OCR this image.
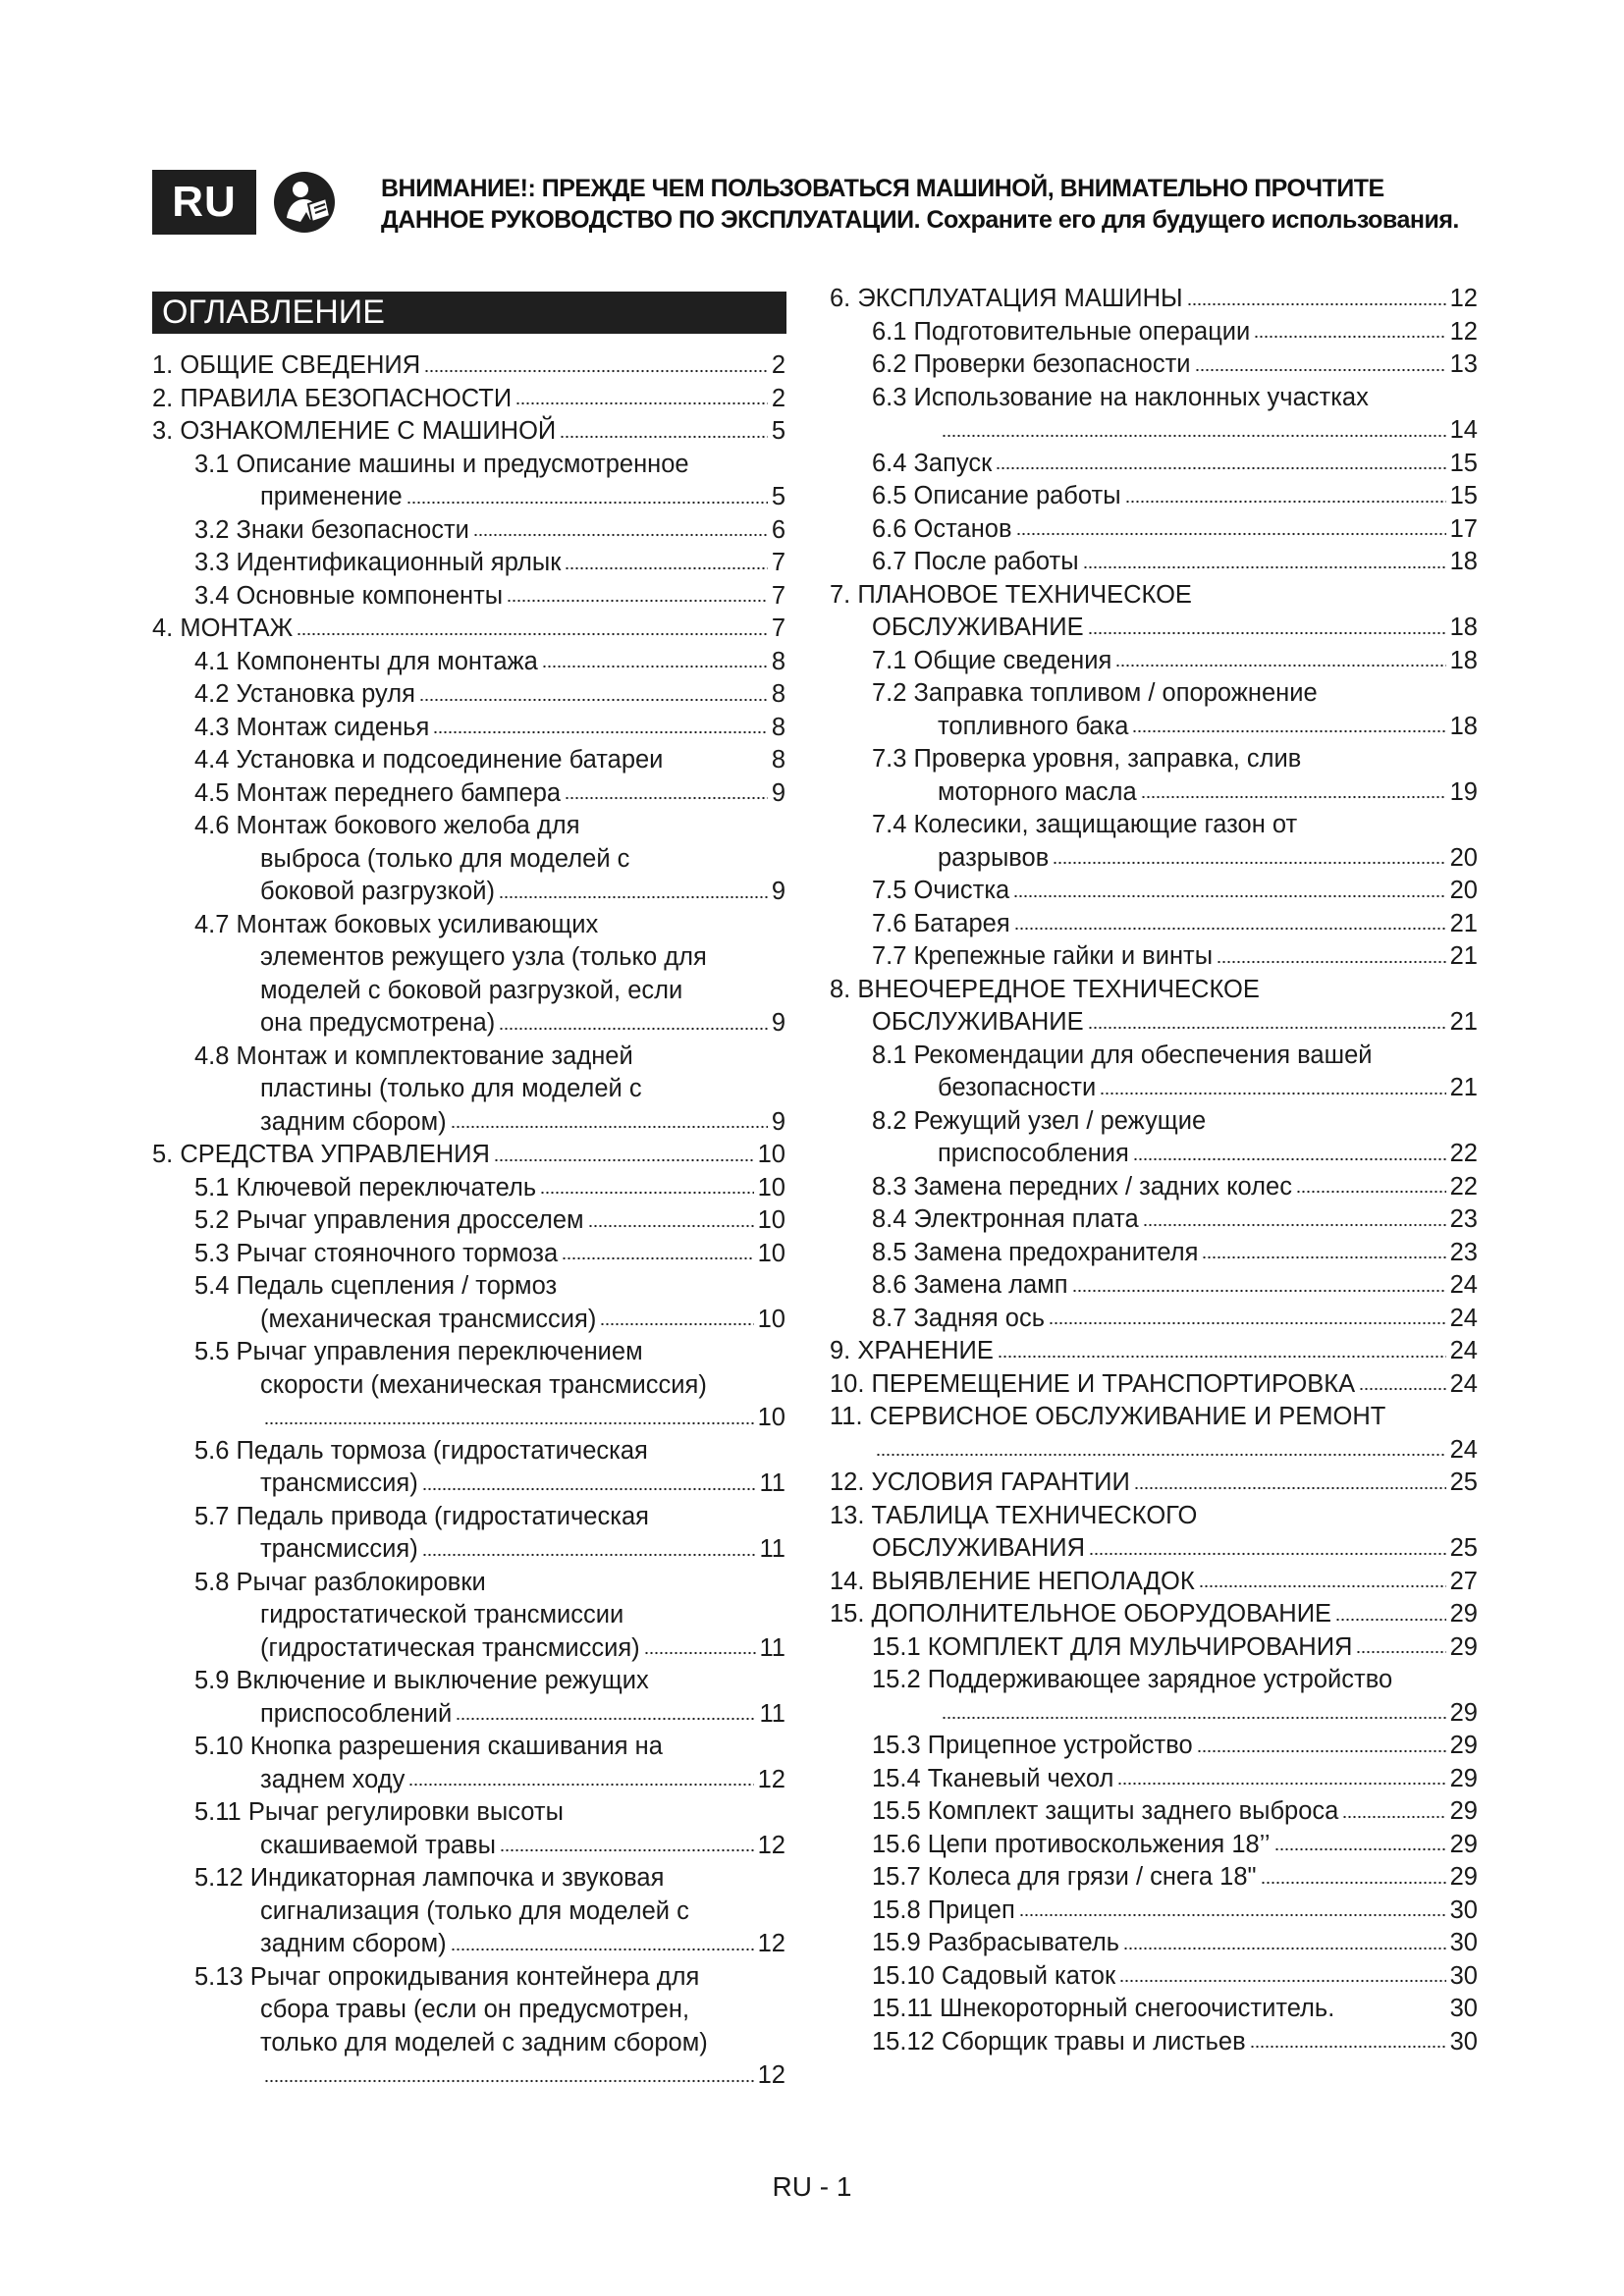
RU	ВНИМАНИЕ!: ПРЕЖДЕ ЧЕМ ПОЛЬЗОВАТЬСЯ МАШИНОЙ, ВНИМАТЕЛЬНО ПРОЧТИТЕ
ДАННОЕ РУКОВОДСТВО ПО ЭКСПЛУАТАЦИИ. Сохраните его для будущего использования.
ОГЛАВЛЕНИЕ
1. ОБЩИЕ СВЕДЕНИЯ	2
2. ПРАВИЛА БЕЗОПАСНОСТИ	2
3. ОЗНАКОМЛЕНИЕ С МАШИНОЙ	5
3.1 Описание машины и предусмотренное
применение	5
3.2 Знаки безопасности	6
3.3 Идентификационный ярлык	7
3.4 Основные компоненты	7
4. МОНТАЖ	7
4.1 Компоненты для монтажа	8
4.2 Установка руля	8
4.3 Монтаж сиденья	8
4.4 Установка и подсоединение батареи	8
4.5 Монтаж переднего бампера	9
4.6 Монтаж бокового желоба для
выброса (только для моделей с
боковой разгрузкой)	9
4.7 Монтаж боковых усиливающих
элементов режущего узла (только для
моделей с боковой разгрузкой, если
она предусмотрена)	9
4.8 Монтаж и комплектование задней
пластины (только для моделей с
задним сбором)	9
5. СРЕДСТВА УПРАВЛЕНИЯ	10
5.1 Ключевой переключатель	10
5.2 Рычаг управления дросселем	10
5.3 Рычаг стояночного тормоза	10
5.4 Педаль сцепления / тормоз
(механическая трансмиссия)	10
5.5 Рычаг управления переключением
скорости (механическая трансмиссия)
10
5.6 Педаль тормоза (гидростатическая
трансмиссия)	11
5.7 Педаль привода (гидростатическая
трансмиссия)	11
5.8 Рычаг разблокировки
гидростатической трансмиссии
(гидростатическая трансмиссия)	11
5.9 Включение и выключение режущих
приспособлений	11
5.10 Кнопка разрешения скашивания на
заднем ходу	12
5.11 Рычаг регулировки высоты
скашиваемой травы	12
5.12 Индикаторная лампочка и звуковая
сигнализация (только для моделей с
задним сбором)	12
5.13 Рычаг опрокидывания контейнера для
сбора травы (если он предусмотрен,
только для моделей с задним сбором)
12
6. ЭКСПЛУАТАЦИЯ МАШИНЫ	12
6.1 Подготовительные операции	12
6.2 Проверки безопасности	13
6.3 Использование на наклонных участках
14
6.4 Запуск	15
6.5 Описание работы	15
6.6 Останов	17
6.7 После работы	18
7. ПЛАНОВОЕ ТЕХНИЧЕСКОЕ
ОБСЛУЖИВАНИЕ	18
7.1 Общие сведения	18
7.2 Заправка топливом / опорожнение
топливного бака	18
7.3 Проверка уровня, заправка, слив
моторного масла	19
7.4 Колесики, защищающие газон от
разрывов	20
7.5 Очистка	20
7.6 Батарея	21
7.7 Крепежные гайки и винты	21
8. ВНЕОЧЕРЕДНОЕ ТЕХНИЧЕСКОЕ
ОБСЛУЖИВАНИЕ	21
8.1 Рекомендации для обеспечения вашей
безопасности	21
8.2 Режущий узел / режущие
приспособления	22
8.3 Замена передних / задних колес	22
8.4 Электронная плата	23
8.5 Замена предохранителя	23
8.6 Замена ламп	24
8.7 Задняя ось	24
9. ХРАНЕНИЕ	24
10. ПЕРЕМЕЩЕНИЕ И ТРАНСПОРТИРОВКА	24
11. СЕРВИСНОЕ ОБСЛУЖИВАНИЕ И РЕМОНТ
24
12. УСЛОВИЯ ГАРАНТИИ	25
13. ТАБЛИЦА ТЕХНИЧЕСКОГО
ОБСЛУЖИВАНИЯ	25
14. ВЫЯВЛЕНИЕ НЕПОЛАДОК	27
15. ДОПОЛНИТЕЛЬНОЕ ОБОРУДОВАНИЕ	29
15.1 КОМПЛЕКТ ДЛЯ МУЛЬЧИРОВАНИЯ	29
15.2 Поддерживающее зарядное устройство
29
15.3 Прицепное устройство	29
15.4 Тканевый чехол	29
15.5 Комплект защиты заднего выброса	29
15.6 Цепи противоскольжения 18’’	29
15.7 Колеса для грязи / снега 18"	29
15.8 Прицеп	30
15.9 Разбрасыватель	30
15.10 Садовый каток	30
15.11 Шнекороторный снегоочиститель.	30
15.12 Сборщик травы и листьев	30
RU - 1
